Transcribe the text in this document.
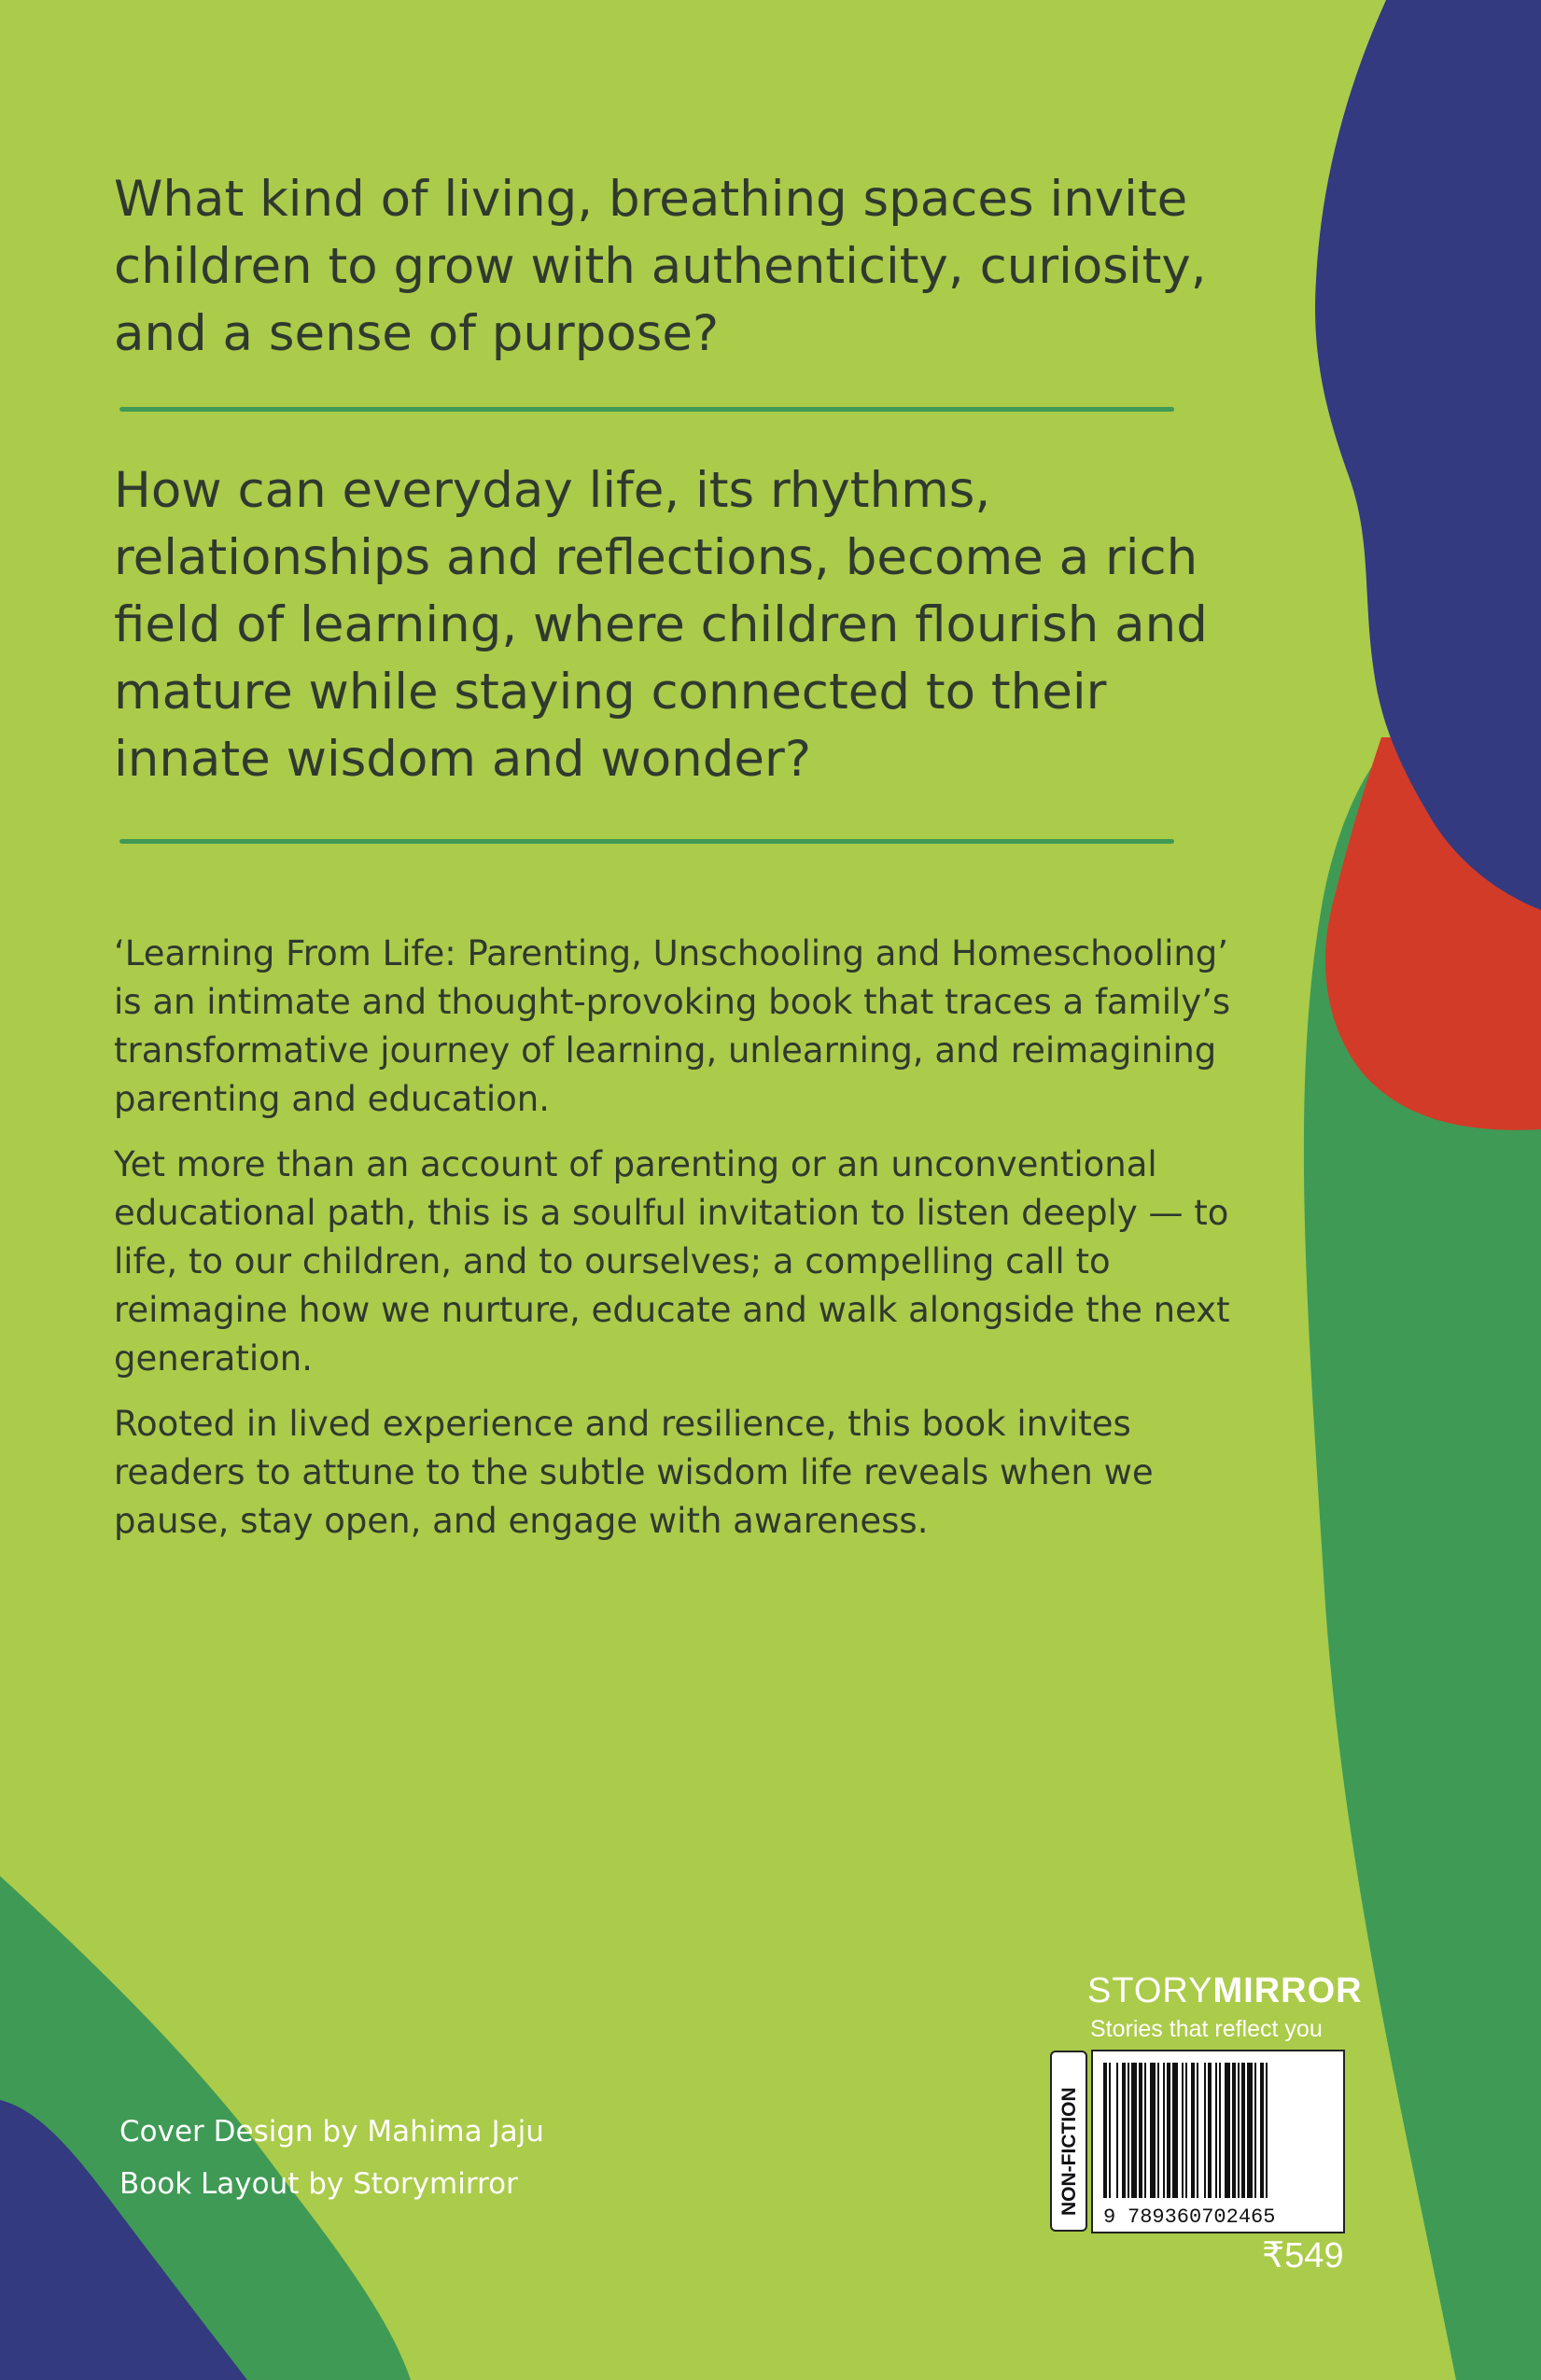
NON-FICTION
9 789360702465

What kind of living, breathing spaces invite children to grow with authenticity, curiosity, and a sense of purpose?

How can everyday life, its rhythms, relationships and reflections, become a rich field of learning, where children flourish and mature while staying connected to their innate wisdom and wonder?

‘Learning From Life: Parenting, Unschooling and Homeschooling’ is an intimate and thought-provoking book that traces a family’s transformative journey of learning, unlearning, and reimagining parenting and education.

Yet more than an account of parenting or an unconventional educational path, this is a soulful invitation to listen deeply — to life, to our children, and to ourselves; a compelling call to reimagine how we nurture, educate and walk alongside the next generation.

Rooted in lived experience and resilience, this book invites readers to attune to the subtle wisdom life reveals when we pause, stay open, and engage with awareness.

Cover Design by Mahima Jaju

Book Layout by Storymirror

STORYMIRROR

Stories that reflect you

₹549
